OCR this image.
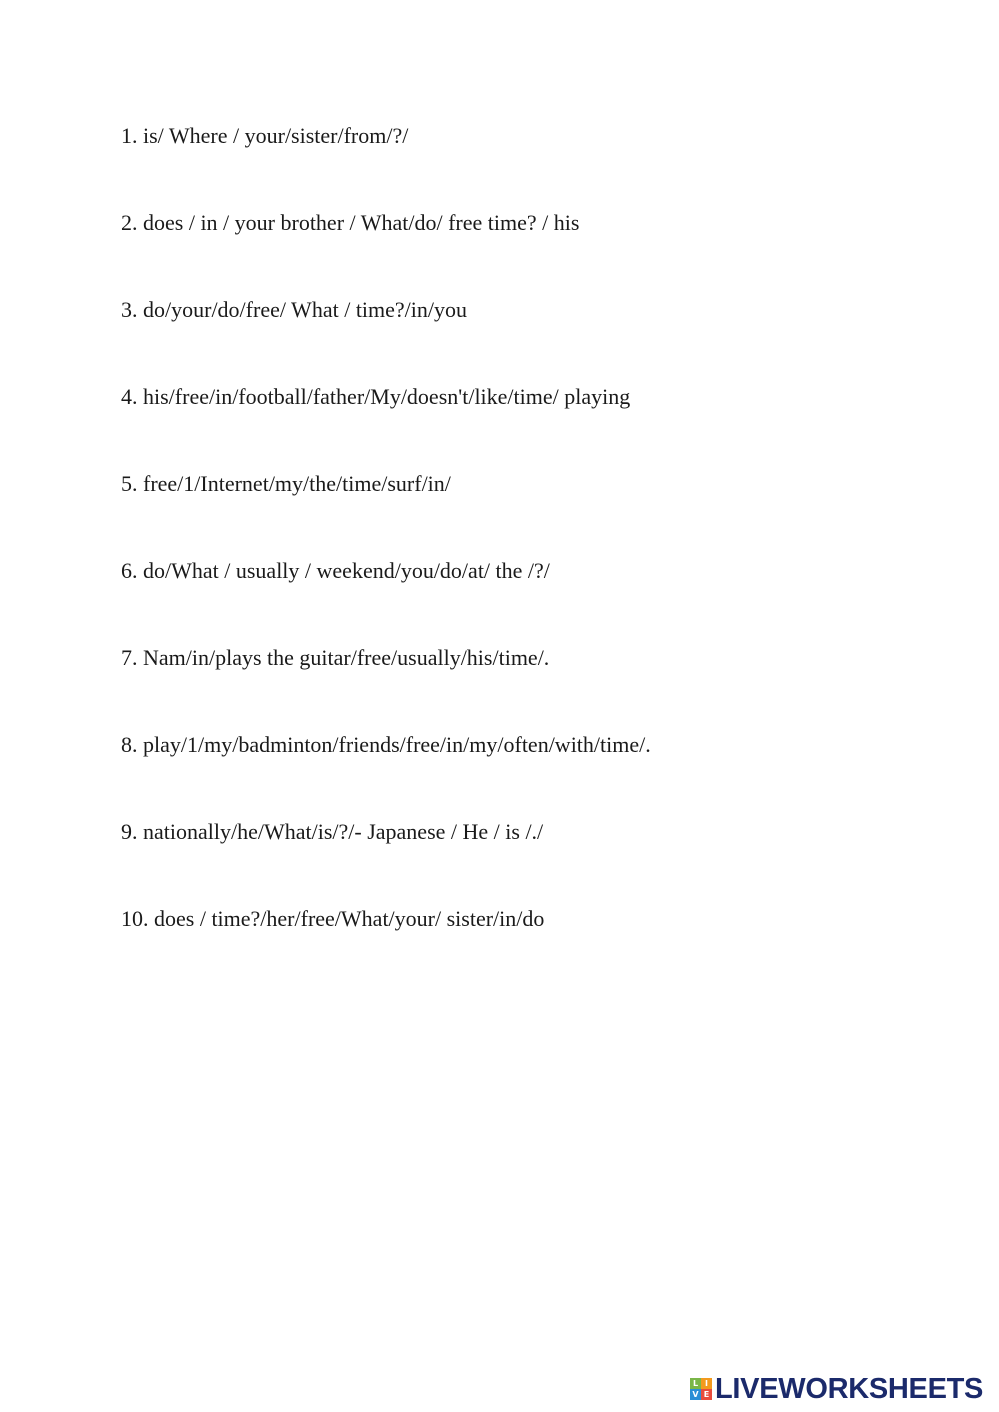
1. is/ Where / your/sister/from/?/
2. does / in / your brother / What/do/ free time? / his
3. do/your/do/free/ What / time?/in/you
4. his/free/in/football/father/My/doesn't/like/time/ playing
5. free/1/Internet/my/the/time/surf/in/
6. do/What / usually / weekend/you/do/at/ the /?/
7. Nam/in/plays the guitar/free/usually/his/time/.
8. play/1/my/badminton/friends/free/in/my/often/with/time/.
9. nationally/he/What/is/?/- Japanese / He / is /./
10. does / time?/her/free/What/your/ sister/in/do
L I
V E LIVEWORKSHEETS
